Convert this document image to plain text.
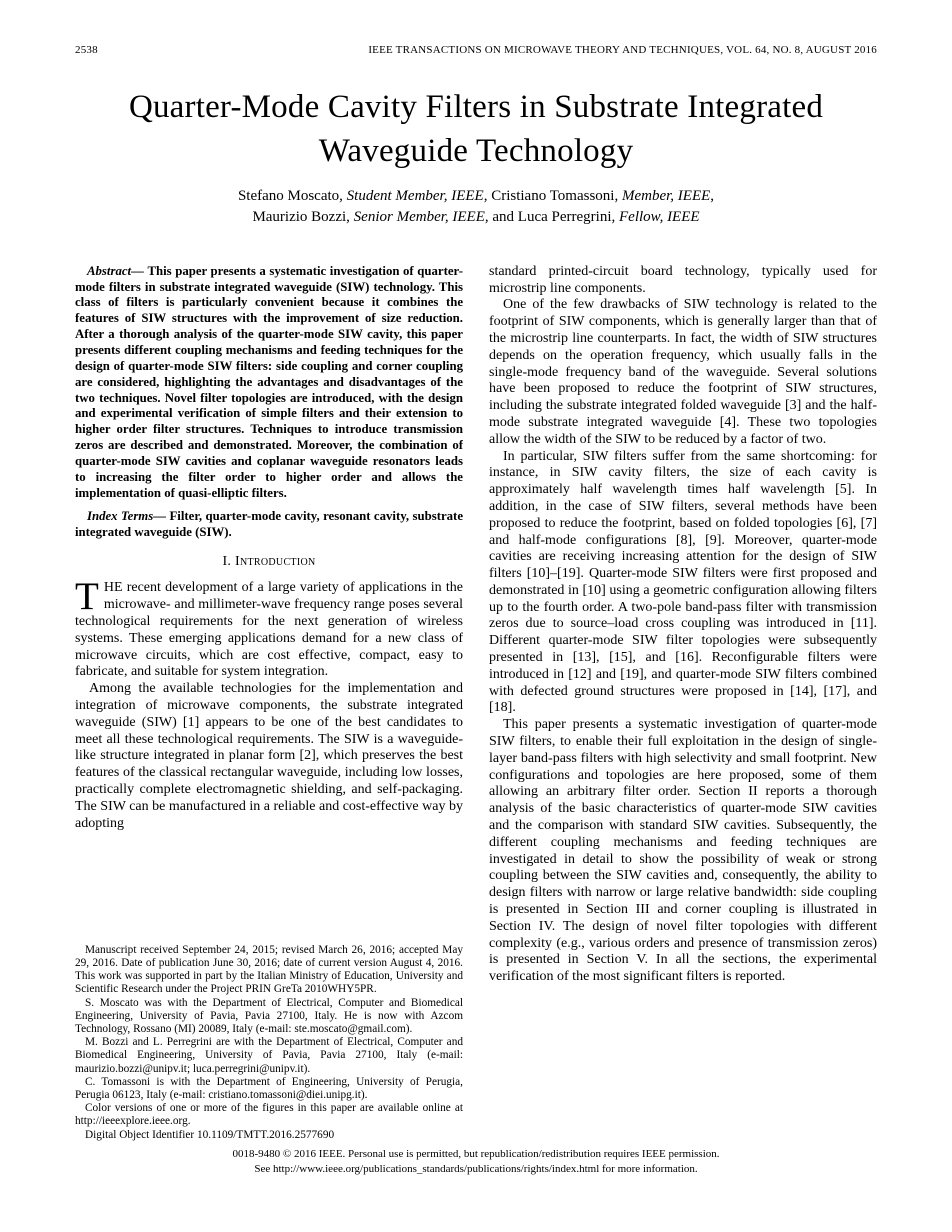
2538	IEEE TRANSACTIONS ON MICROWAVE THEORY AND TECHNIQUES, VOL. 64, NO. 8, AUGUST 2016
Quarter-Mode Cavity Filters in Substrate Integrated Waveguide Technology
Stefano Moscato, Student Member, IEEE, Cristiano Tomassoni, Member, IEEE,
Maurizio Bozzi, Senior Member, IEEE, and Luca Perregrini, Fellow, IEEE

Abstract— This paper presents a systematic investigation of quarter-mode filters in substrate integrated waveguide (SIW) technology. This class of filters is particularly convenient because it combines the features of SIW structures with the improvement of size reduction. After a thorough analysis of the quarter-mode SIW cavity, this paper presents different coupling mechanisms and feeding techniques for the design of quarter-mode SIW filters: side coupling and corner coupling are considered, highlighting the advantages and disadvantages of the two techniques. Novel filter topologies are introduced, with the design and experimental verification of simple filters and their extension to higher order filter structures. Techniques to introduce transmission zeros are described and demonstrated. Moreover, the combination of quarter-mode SIW cavities and coplanar waveguide resonators leads to increasing the filter order to higher order and allows the implementation of quasi-elliptic filters.

Index Terms— Filter, quarter-mode cavity, resonant cavity, substrate integrated waveguide (SIW).

I. Introduction

THE recent development of a large variety of applications in the microwave- and millimeter-wave frequency range poses several technological requirements for the next generation of wireless systems. These emerging applications demand for a new class of microwave circuits, which are cost effective, compact, easy to fabricate, and suitable for system integration.

Among the available technologies for the implementation and integration of microwave components, the substrate integrated waveguide (SIW) [1] appears to be one of the best candidates to meet all these technological requirements. The SIW is a waveguide-like structure integrated in planar form [2], which preserves the best features of the classical rectangular waveguide, including low losses, practically complete electromagnetic shielding, and self-packaging. The SIW can be manufactured in a reliable and cost-effective way by adopting

Manuscript received September 24, 2015; revised March 26, 2016; accepted May 29, 2016. Date of publication June 30, 2016; date of current version August 4, 2016. This work was supported in part by the Italian Ministry of Education, University and Scientific Research under the Project PRIN GreTa 2010WHY5PR.

S. Moscato was with the Department of Electrical, Computer and Biomedical Engineering, University of Pavia, Pavia 27100, Italy. He is now with Azcom Technology, Rossano (MI) 20089, Italy (e-mail: ste.moscato@gmail.com).

M. Bozzi and L. Perregrini are with the Department of Electrical, Computer and Biomedical Engineering, University of Pavia, Pavia 27100, Italy (e-mail: maurizio.bozzi@unipv.it; luca.perregrini@unipv.it).

C. Tomassoni is with the Department of Engineering, University of Perugia, Perugia 06123, Italy (e-mail: cristiano.tomassoni@diei.unipg.it).

Color versions of one or more of the figures in this paper are available online at http://ieeexplore.ieee.org.

Digital Object Identifier 10.1109/TMTT.2016.2577690

standard printed-circuit board technology, typically used for microstrip line components.

One of the few drawbacks of SIW technology is related to the footprint of SIW components, which is generally larger than that of the microstrip line counterparts. In fact, the width of SIW structures depends on the operation frequency, which usually falls in the single-mode frequency band of the waveguide. Several solutions have been proposed to reduce the footprint of SIW structures, including the substrate integrated folded waveguide [3] and the half-mode substrate integrated waveguide [4]. These two topologies allow the width of the SIW to be reduced by a factor of two.

In particular, SIW filters suffer from the same shortcoming: for instance, in SIW cavity filters, the size of each cavity is approximately half wavelength times half wavelength [5]. In addition, in the case of SIW filters, several methods have been proposed to reduce the footprint, based on folded topologies [6], [7] and half-mode configurations [8], [9]. Moreover, quarter-mode cavities are receiving increasing attention for the design of SIW filters [10]–[19]. Quarter-mode SIW filters were first proposed and demonstrated in [10] using a geometric configuration allowing filters up to the fourth order. A two-pole band-pass filter with transmission zeros due to source–load cross coupling was introduced in [11]. Different quarter-mode SIW filter topologies were subsequently presented in [13], [15], and [16]. Reconfigurable filters were introduced in [12] and [19], and quarter-mode SIW filters combined with defected ground structures were proposed in [14], [17], and [18].

This paper presents a systematic investigation of quarter-mode SIW filters, to enable their full exploitation in the design of single-layer band-pass filters with high selectivity and small footprint. New configurations and topologies are here proposed, some of them allowing an arbitrary filter order. Section II reports a thorough analysis of the basic characteristics of quarter-mode SIW cavities and the comparison with standard SIW cavities. Subsequently, the different coupling mechanisms and feeding techniques are investigated in detail to show the possibility of weak or strong coupling between the SIW cavities and, consequently, the ability to design filters with narrow or large relative bandwidth: side coupling is presented in Section III and corner coupling is illustrated in Section IV. The design of novel filter topologies with different complexity (e.g., various orders and presence of transmission zeros) is presented in Section V. In all the sections, the experimental verification of the most significant filters is reported.

0018-9480 © 2016 IEEE. Personal use is permitted, but republication/redistribution requires IEEE permission.
See http://www.ieee.org/publications_standards/publications/rights/index.html for more information.
